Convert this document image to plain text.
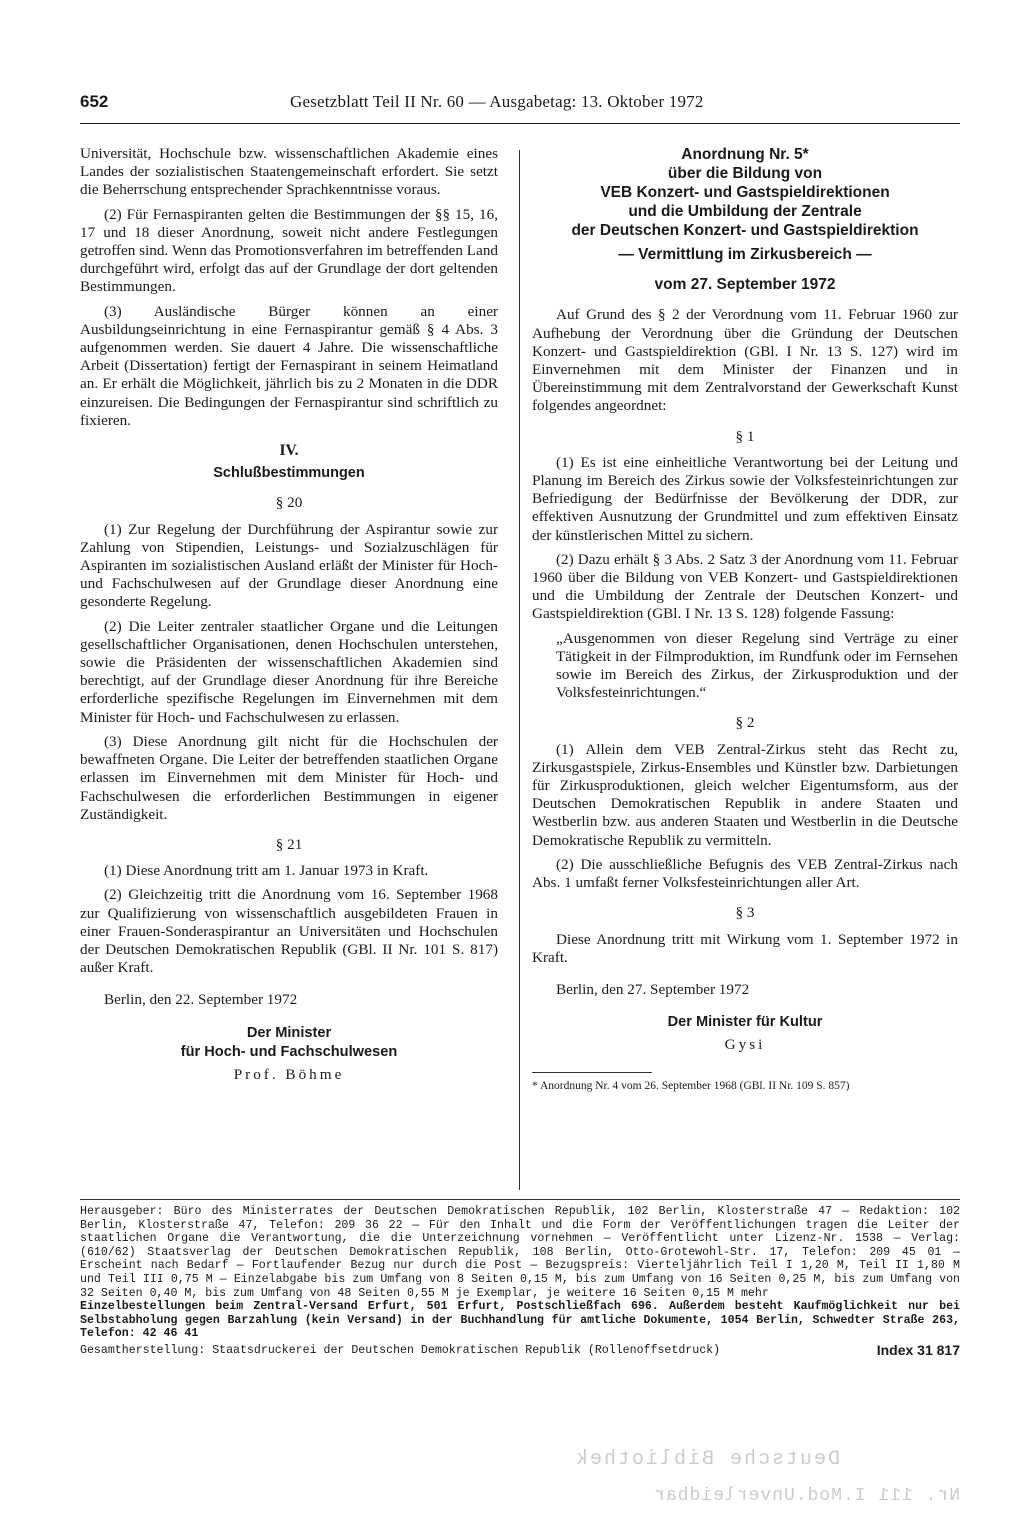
652	Gesetzblatt Teil II Nr. 60 — Ausgabetag: 13. Oktober 1972

Universität, Hochschule bzw. wissenschaftlichen Akademie eines Landes der sozialistischen Staatengemeinschaft erfordert. Sie setzt die Beherrschung entsprechender Sprachkenntnisse voraus.

(2) Für Fernaspiranten gelten die Bestimmungen der §§ 15, 16, 17 und 18 dieser Anordnung, soweit nicht andere Festlegungen getroffen sind. Wenn das Promotionsverfahren im betreffenden Land durchgeführt wird, erfolgt das auf der Grundlage der dort geltenden Bestimmungen.

(3) Ausländische Bürger können an einer Ausbildungseinrichtung in eine Fernaspirantur gemäß § 4 Abs. 3 aufgenommen werden. Sie dauert 4 Jahre. Die wissenschaftliche Arbeit (Dissertation) fertigt der Fernaspirant in seinem Heimatland an. Er erhält die Möglichkeit, jährlich bis zu 2 Monaten in die DDR einzureisen. Die Bedingungen der Fernaspirantur sind schriftlich zu fixieren.

IV.
Schlußbestimmungen
§ 20

(1) Zur Regelung der Durchführung der Aspirantur sowie zur Zahlung von Stipendien, Leistungs- und Sozialzuschlägen für Aspiranten im sozialistischen Ausland erläßt der Minister für Hoch- und Fachschulwesen auf der Grundlage dieser Anordnung eine gesonderte Regelung.

(2) Die Leiter zentraler staatlicher Organe und die Leitungen gesellschaftlicher Organisationen, denen Hochschulen unterstehen, sowie die Präsidenten der wissenschaftlichen Akademien sind berechtigt, auf der Grundlage dieser Anordnung für ihre Bereiche erforderliche spezifische Regelungen im Einvernehmen mit dem Minister für Hoch- und Fachschulwesen zu erlassen.

(3) Diese Anordnung gilt nicht für die Hochschulen der bewaffneten Organe. Die Leiter der betreffenden staatlichen Organe erlassen im Einvernehmen mit dem Minister für Hoch- und Fachschulwesen die erforderlichen Bestimmungen in eigener Zuständigkeit.

§ 21

(1) Diese Anordnung tritt am 1. Januar 1973 in Kraft.

(2) Gleichzeitig tritt die Anordnung vom 16. September 1968 zur Qualifizierung von wissenschaftlich ausgebildeten Frauen in einer Frauen-Sonderaspirantur an Universitäten und Hochschulen der Deutschen Demokratischen Republik (GBl. II Nr. 101 S. 817) außer Kraft.

Berlin, den 22. September 1972

Der Minister
für Hoch- und Fachschulwesen
Prof. Böhme
Anordnung Nr. 5*
über die Bildung von
VEB Konzert- und Gastspieldirektionen
und die Umbildung der Zentrale
der Deutschen Konzert- und Gastspieldirektion
— Vermittlung im Zirkusbereich —
vom 27. September 1972

Auf Grund des § 2 der Verordnung vom 11. Februar 1960 zur Aufhebung der Verordnung über die Gründung der Deutschen Konzert- und Gastspieldirektion (GBl. I Nr. 13 S. 127) wird im Einvernehmen mit dem Minister der Finanzen und in Übereinstimmung mit dem Zentralvorstand der Gewerkschaft Kunst folgendes angeordnet:

§ 1

(1) Es ist eine einheitliche Verantwortung bei der Leitung und Planung im Bereich des Zirkus sowie der Volksfesteinrichtungen zur Befriedigung der Bedürfnisse der Bevölkerung der DDR, zur effektiven Ausnutzung der Grundmittel und zum effektiven Einsatz der künstlerischen Mittel zu sichern.

(2) Dazu erhält § 3 Abs. 2 Satz 3 der Anordnung vom 11. Februar 1960 über die Bildung von VEB Konzert- und Gastspieldirektionen und die Umbildung der Zentrale der Deutschen Konzert- und Gastspieldirektion (GBl. I Nr. 13 S. 128) folgende Fassung:

„Ausgenommen von dieser Regelung sind Verträge zu einer Tätigkeit in der Filmproduktion, im Rundfunk oder im Fernsehen sowie im Bereich des Zirkus, der Zirkusproduktion und der Volksfesteinrichtungen.“

§ 2

(1) Allein dem VEB Zentral-Zirkus steht das Recht zu, Zirkusgastspiele, Zirkus-Ensembles und Künstler bzw. Darbietungen für Zirkusproduktionen, gleich welcher Eigentumsform, aus der Deutschen Demokratischen Republik in andere Staaten und Westberlin bzw. aus anderen Staaten und Westberlin in die Deutsche Demokratische Republik zu vermitteln.

(2) Die ausschließliche Befugnis des VEB Zentral-Zirkus nach Abs. 1 umfaßt ferner Volksfesteinrichtungen aller Art.

§ 3

Diese Anordnung tritt mit Wirkung vom 1. September 1972 in Kraft.

Berlin, den 27. September 1972

Der Minister für Kultur
Gysi
* Anordnung Nr. 4 vom 26. September 1968 (GBl. II Nr. 109 S. 857)

Herausgeber: Büro des Ministerrates der Deutschen Demokratischen Republik, 102 Berlin, Klosterstraße 47 — Redaktion: 102 Berlin, Klosterstraße 47, Telefon: 209 36 22 — Für den Inhalt und die Form der Veröffentlichungen tragen die Leiter der staatlichen Organe die Verantwortung, die die Unterzeichnung vornehmen — Veröffentlicht unter Lizenz-Nr. 1538 — Verlag: (610/62) Staatsverlag der Deutschen Demokratischen Republik, 108 Berlin, Otto-Grotewohl-Str. 17, Telefon: 209 45 01 — Erscheint nach Bedarf — Fortlaufender Bezug nur durch die Post — Bezugspreis: Vierteljährlich Teil I 1,20 M, Teil II 1,80 M und Teil III 0,75 M — Einzelabgabe bis zum Umfang von 8 Seiten 0,15 M, bis zum Umfang von 16 Seiten 0,25 M, bis zum Umfang von 32 Seiten 0,40 M, bis zum Umfang von 48 Seiten 0,55 M je Exemplar, je weitere 16 Seiten 0,15 M mehr

Einzelbestellungen beim Zentral-Versand Erfurt, 501 Erfurt, Postschließfach 696. Außerdem besteht Kaufmöglichkeit nur bei Selbstabholung gegen Barzahlung (kein Versand) in der Buchhandlung für amtliche Dokumente, 1054 Berlin, Schwedter Straße 263, Telefon: 42 46 41

Gesamtherstellung: Staatsdruckerei der Deutschen Demokratischen Republik (Rollenoffsetdruck)	Index 31 817

Deutsche Bibliothek
Nr. 111 I.Mod.Unverleidbar
